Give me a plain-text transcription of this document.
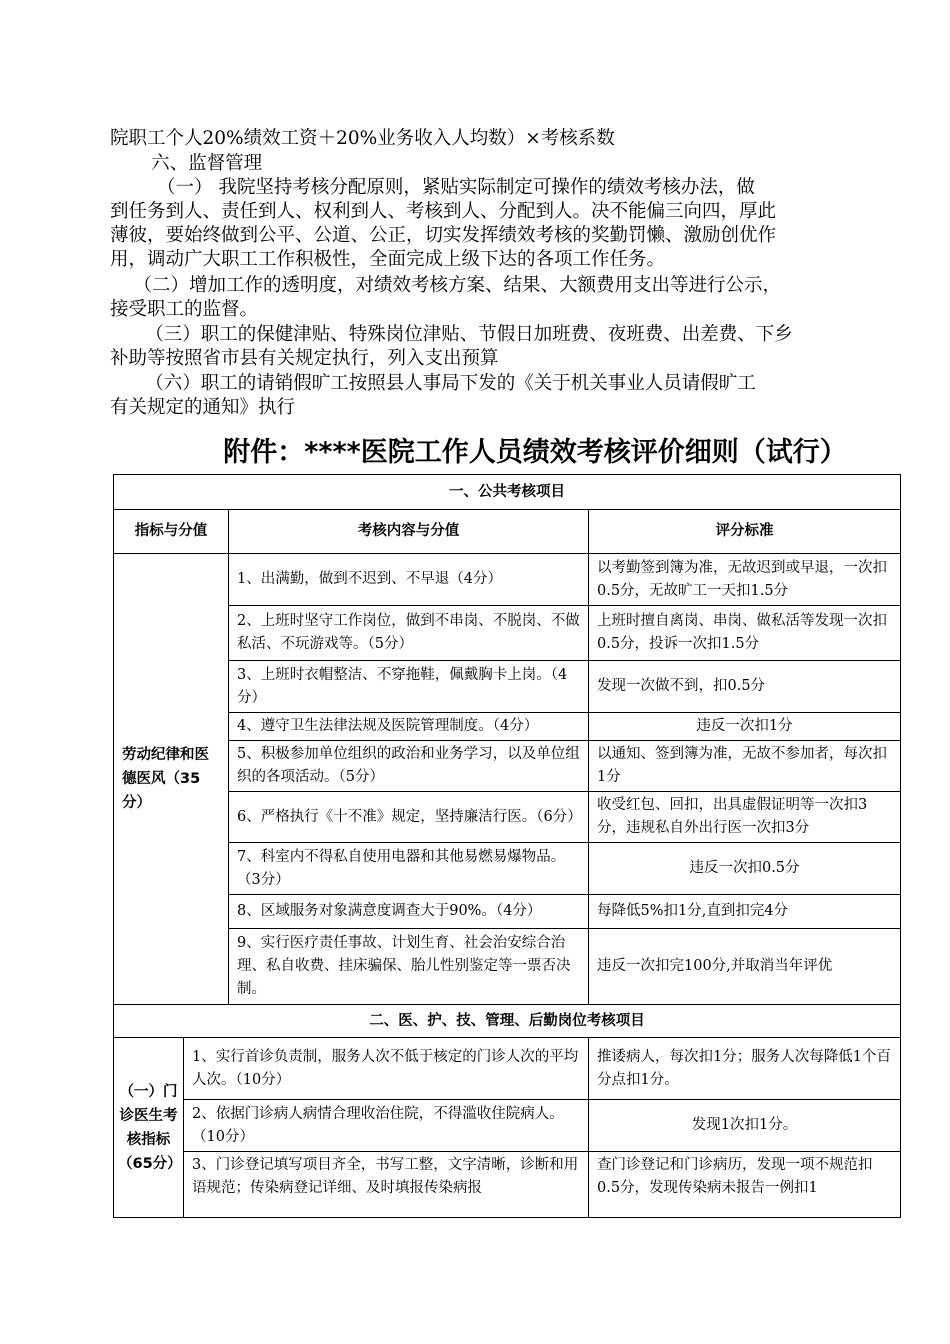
院职工个人20%绩效工资＋20%业务收入人均数）×考核系数
六、监督管理
（一） 我院坚持考核分配原则，紧贴实际制定可操作的绩效考核办法，做
到任务到人、责任到人、权利到人、考核到人、分配到人。决不能偏三向四，厚此
薄彼，要始终做到公平、公道、公正，切实发挥绩效考核的奖勤罚懒、激励创优作
用，调动广大职工工作积极性，全面完成上级下达的各项工作任务。
（二）增加工作的透明度，对绩效考核方案、结果、大额费用支出等进行公示，
接受职工的监督。
（三）职工的保健津贴、特殊岗位津贴、节假日加班费、夜班费、出差费、下乡
补助等按照省市县有关规定执行，列入支出预算
（六）职工的请销假旷工按照县人事局下发的《关于机关事业人员请假旷工
有关规定的通知》执行
附件：****医院工作人员绩效考核评价细则（试行）
一、公共考核项目			
指标与分值		考核内容与分值	评分标准
劳动纪律和医德医风（35分）		1、出满勤，做到不迟到、不早退（4分）	以考勤签到簿为准，无故迟到或早退，一次扣0.5分，无故旷工一天扣1.5分
		2、上班时坚守工作岗位，做到不串岗、不脱岗、不做私活、不玩游戏等。（5分）	上班时擅自离岗、串岗、做私活等发现一次扣0.5分，投诉一次扣1.5分
		3、上班时衣帽整洁、不穿拖鞋，佩戴胸卡上岗。（4分）	发现一次做不到，扣0.5分
		4、遵守卫生法律法规及医院管理制度。（4分）	违反一次扣1分
		5、积极参加单位组织的政治和业务学习，以及单位组织的各项活动。（5分）	以通知、签到簿为准，无故不参加者，每次扣1分
		6、严格执行《十不准》规定，坚持廉洁行医。（6分）	收受红包、回扣，出具虚假证明等一次扣3分，违规私自外出行医一次扣3分
		7、科室内不得私自使用电器和其他易燃易爆物品。（3分）	违反一次扣0.5分
		8、区域服务对象满意度调查大于90%。（4分）	每降低5%扣1分,直到扣完4分
		9、实行医疗责任事故、计划生育、社会治安综合治理、私自收费、挂床骗保、胎儿性别鉴定等一票否决制。	违反一次扣完100分,并取消当年评优
二、医、护、技、管理、后勤岗位考核项目			
（一）门诊医生考核指标（65分）	1、实行首诊负责制，服务人次不低于核定的门诊人次的平均人次。（10分）		推诿病人，每次扣1分；服务人次每降低1个百分点扣1分。
	2、依据门诊病人病情合理收治住院，不得滥收住院病人。（10分）		发现1次扣1分。
	3、门诊登记填写项目齐全，书写工整，文字清晰，诊断和用语规范；传染病登记详细、及时填报传染病报		查门诊登记和门诊病历，发现一项不规范扣0.5分，发现传染病未报告一例扣1
